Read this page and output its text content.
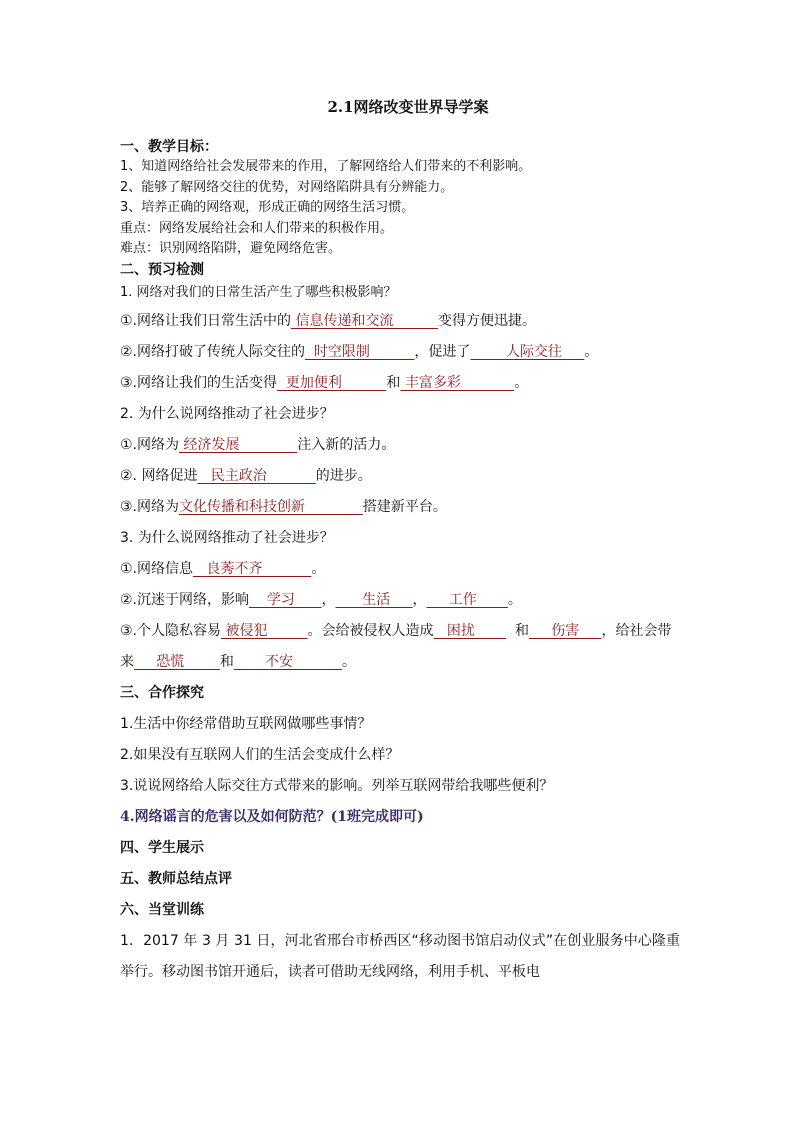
2.1网络改变世界导学案
一、教学目标：
1、知道网络给社会发展带来的作用，了解网络给人们带来的不利影响。
2、能够了解网络交往的优势，对网络陷阱具有分辨能力。
3、培养正确的网络观，形成正确的网络生活习惯。
重点：网络发展给社会和人们带来的积极作用。
难点：识别网络陷阱，避免网络危害。
二、预习检测
1. 网络对我们的日常生活产生了哪些积极影响？
①.网络让我们日常生活中的 信息传递和交流          变得方便迅捷。
②.网络打破了传统人际交往的  时空限制          ，促进了        人际交往     。
③.网络让我们的生活变得  更加便利          和 丰富多彩            。
2. 为什么说网络推动了社会进步？
①.网络为 经济发展             注入新的活力。
②. 网络促进   民主政治           的进步。
③.网络为文化传播和科技创新             搭建新平台。
3. 为什么说网络推动了社会进步？
①.网络信息   良莠不齐           。
②.沉迷于网络，影响    学习      ，      生活     ，     工作       。
③.个人隐私容易 被侵犯         。会给被侵权人造成   困扰         和     伤害     ，给社会带来     恐慌        和       不安           。
三、合作探究
1.生活中你经常借助互联网做哪些事情？
2.如果没有互联网人们的生活会变成什么样？
3.说说网络给人际交往方式带来的影响。列举互联网带给我哪些便利？
4.网络谣言的危害以及如何防范？(1班完成即可)
四、学生展示
五、教师总结点评
六、当堂训练
1．2017 年 3 月 31 日，河北省邢台市桥西区“移动图书馆启动仪式”在创业服务中心隆重举行。移动图书馆开通后，读者可借助无线网络，利用手机、平板电
